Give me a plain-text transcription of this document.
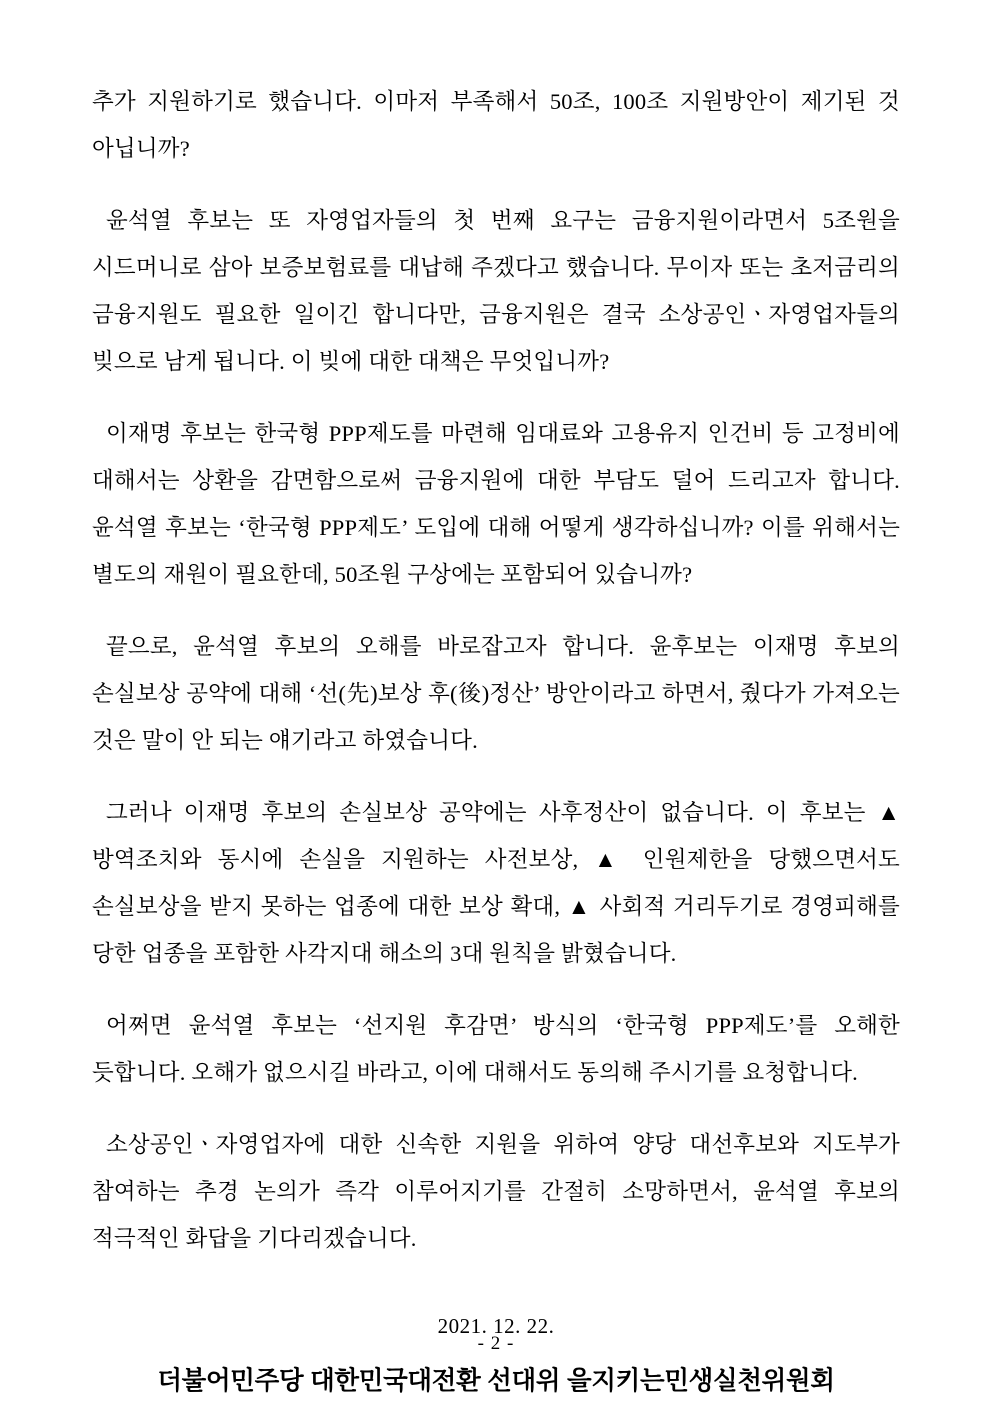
추가 지원하기로 했습니다. 이마저 부족해서 50조, 100조 지원방안이 제기된 것 아닙니까?

윤석열 후보는 또 자영업자들의 첫 번째 요구는 금융지원이라면서 5조원을 시드머니로 삼아 보증보험료를 대납해 주겠다고 했습니다. 무이자 또는 초저금리의 금융지원도 필요한 일이긴 합니다만, 금융지원은 결국 소상공인ㆍ자영업자들의 빚으로 남게 됩니다. 이 빚에 대한 대책은 무엇입니까?

이재명 후보는 한국형 PPP제도를 마련해 임대료와 고용유지 인건비 등 고정비에 대해서는 상환을 감면함으로써 금융지원에 대한 부담도 덜어 드리고자 합니다. 윤석열 후보는 ‘한국형 PPP제도’ 도입에 대해 어떻게 생각하십니까? 이를 위해서는 별도의 재원이 필요한데, 50조원 구상에는 포함되어 있습니까?

끝으로, 윤석열 후보의 오해를 바로잡고자 합니다. 윤후보는 이재명 후보의 손실보상 공약에 대해 ‘선(先)보상 후(後)정산’ 방안이라고 하면서, 줬다가 가져오는 것은 말이 안 되는 얘기라고 하였습니다.

그러나 이재명 후보의 손실보상 공약에는 사후정산이 없습니다. 이 후보는 ▲ 방역조치와 동시에 손실을 지원하는 사전보상, ▲ 인원제한을 당했으면서도 손실보상을 받지 못하는 업종에 대한 보상 확대, ▲ 사회적 거리두기로 경영피해를 당한 업종을 포함한 사각지대 해소의 3대 원칙을 밝혔습니다.

어쩌면 윤석열 후보는 ‘선지원 후감면’ 방식의 ‘한국형 PPP제도’를 오해한 듯합니다. 오해가 없으시길 바라고, 이에 대해서도 동의해 주시기를 요청합니다.

소상공인ㆍ자영업자에 대한 신속한 지원을 위하여 양당 대선후보와 지도부가 참여하는 추경 논의가 즉각 이루어지기를 간절히 소망하면서, 윤석열 후보의 적극적인 화답을 기다리겠습니다.

2021. 12. 22.
더불어민주당 대한민국대전환 선대위 을지키는민생실천위원회
- 2 -
